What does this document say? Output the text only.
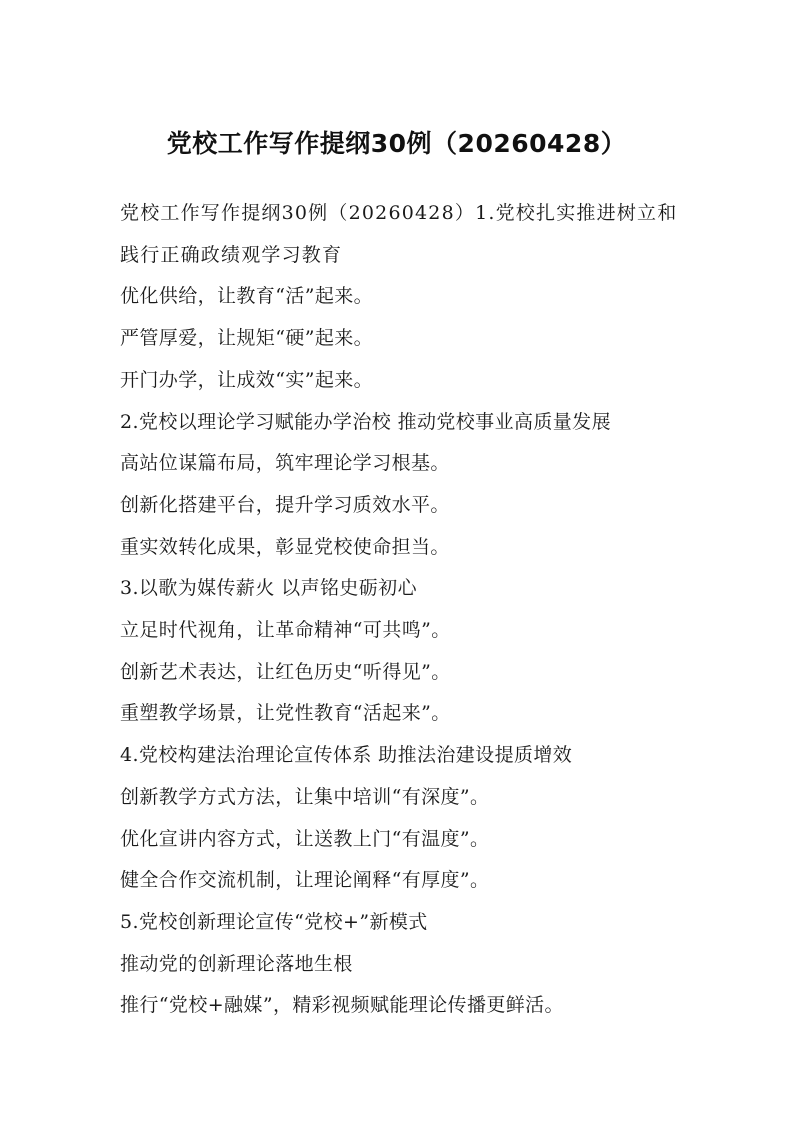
党校工作写作提纲30例（20260428）

党校工作写作提纲30例（20260428）1.党校扎实推进树立和践行正确政绩观学习教育

优化供给，让教育“活”起来。

严管厚爱，让规矩“硬”起来。

开门办学，让成效“实”起来。

2.党校以理论学习赋能办学治校 推动党校事业高质量发展

高站位谋篇布局，筑牢理论学习根基。

创新化搭建平台，提升学习质效水平。

重实效转化成果，彰显党校使命担当。

3.以歌为媒传薪火 以声铭史砺初心

立足时代视角，让革命精神“可共鸣”。

创新艺术表达，让红色历史“听得见”。

重塑教学场景，让党性教育“活起来”。

4.党校构建法治理论宣传体系 助推法治建设提质增效

创新教学方式方法，让集中培训“有深度”。

优化宣讲内容方式，让送教上门“有温度”。

健全合作交流机制，让理论阐释“有厚度”。

5.党校创新理论宣传“党校+”新模式

推动党的创新理论落地生根

推行“党校+融媒”，精彩视频赋能理论传播更鲜活。
